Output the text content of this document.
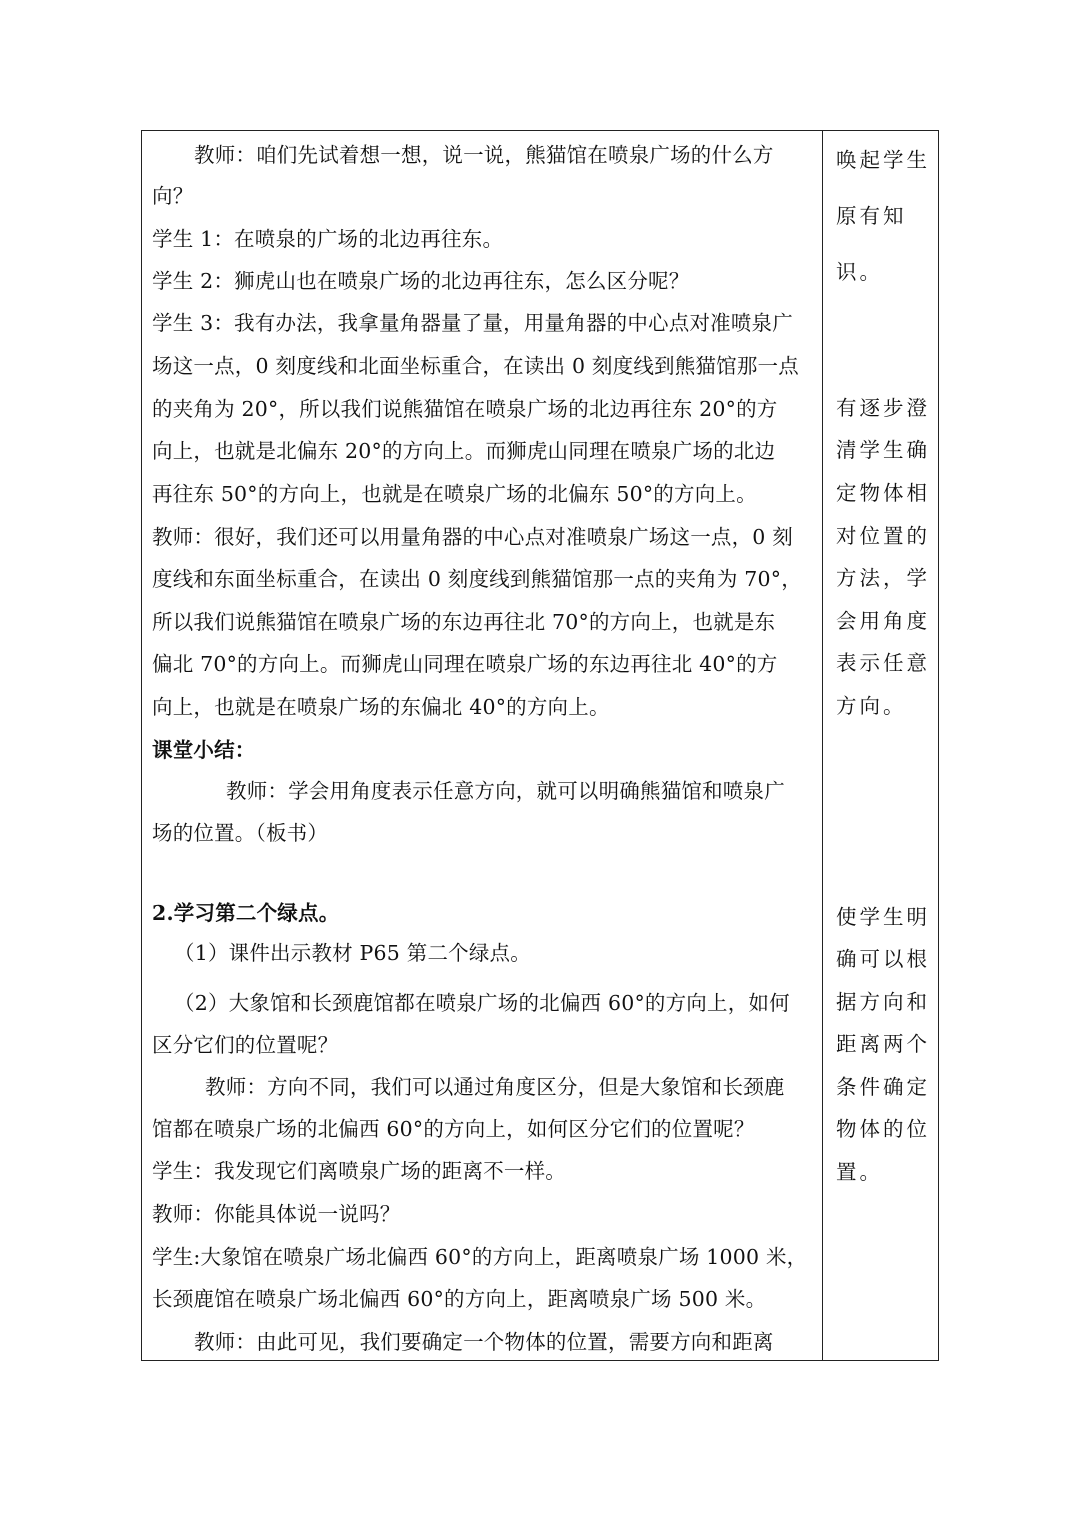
教师：咱们先试着想一想，说一说，熊猫馆在喷泉广场的什么方
向？
学生 1：在喷泉的广场的北边再往东。
学生 2：狮虎山也在喷泉广场的北边再往东，怎么区分呢？
学生 3：我有办法，我拿量角器量了量，用量角器的中心点对准喷泉广
场这一点，0 刻度线和北面坐标重合，在读出 0 刻度线到熊猫馆那一点
的夹角为 20°，所以我们说熊猫馆在喷泉广场的北边再往东 20°的方
向上，也就是北偏东 20°的方向上。而狮虎山同理在喷泉广场的北边
再往东 50°的方向上，也就是在喷泉广场的北偏东 50°的方向上。
教师：很好，我们还可以用量角器的中心点对准喷泉广场这一点，0 刻
度线和东面坐标重合，在读出 0 刻度线到熊猫馆那一点的夹角为 70°，
所以我们说熊猫馆在喷泉广场的东边再往北 70°的方向上，也就是东
偏北 70°的方向上。而狮虎山同理在喷泉广场的东边再往北 40°的方
向上，也就是在喷泉广场的东偏北 40°的方向上。
课堂小结：
教师：学会用角度表示任意方向，就可以明确熊猫馆和喷泉广
场的位置。（板书）
2.学习第二个绿点。
（1）课件出示教材 P65 第二个绿点。
（2）大象馆和长颈鹿馆都在喷泉广场的北偏西 60°的方向上，如何
区分它们的位置呢？
教师：方向不同，我们可以通过角度区分，但是大象馆和长颈鹿
馆都在喷泉广场的北偏西 60°的方向上，如何区分它们的位置呢？
学生：我发现它们离喷泉广场的距离不一样。
教师：你能具体说一说吗？
学生:大象馆在喷泉广场北偏西 60°的方向上，距离喷泉广场 1000 米，
长颈鹿馆在喷泉广场北偏西 60°的方向上，距离喷泉广场 500 米。
教师：由此可见，我们要确定一个物体的位置，需要方向和距离
唤起学生
原有知
识。
有逐步澄
清学生确
定物体相
对位置的
方法，学
会用角度
表示任意
方向。
使学生明
确可以根
据方向和
距离两个
条件确定
物体的位
置。
